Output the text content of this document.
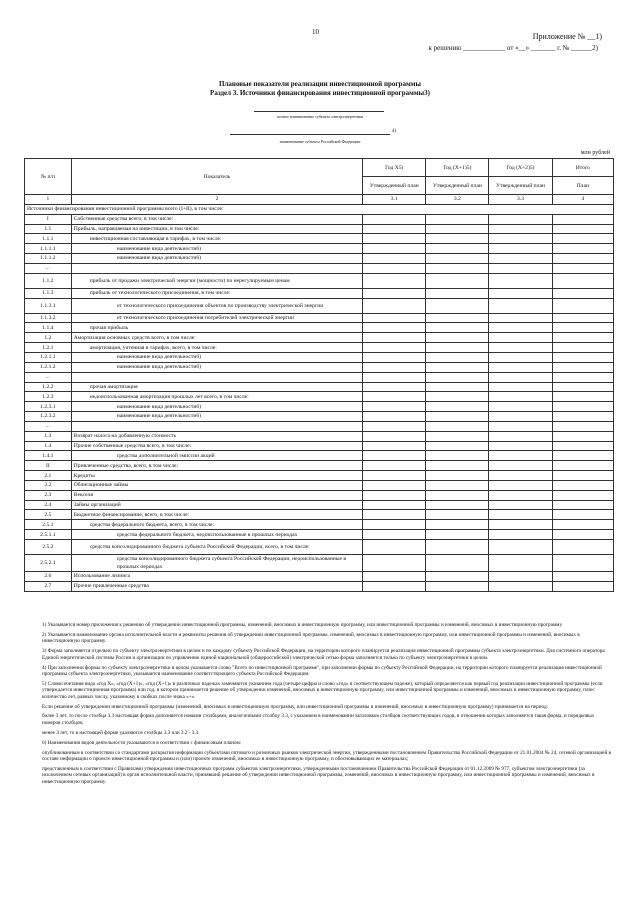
10	Приложение № __1)
к решению ____________ от «__» _______ г. № ______2)
Плановые показатели реализации инвестиционной программы
Раздел 3. Источники финансирования инвестиционной программы3)
полное наименование субъекта электроэнергетики
4)
наименование субъекта Российской Федерации
млн рублей
№ п/п	Показатель	Год X5)	Год (X+1)5)	Год (X+2)5)	Итого
		Утвержденный план	Утвержденный план	Утвержденный план	План
1	2	3.1	3.2	3.3	4
Источники финансирования инвестиционной программы всего (I+II), в том числе:					
I	Собственные средства всего, в том числе:				
1.1	Прибыль, направляемая на инвестиции, в том числе:				
1.1.1	инвестиционная составляющая в тарифах, в том числе:				
1.1.1.1	наименование вида деятельности6)				
1.1.1.2	наименование вида деятельности6)				
...					
1.1.2	прибыль от продажи электрической энергии (мощности) по нерегулируемым ценам				
1.1.3	прибыль от технологического присоединения, в том числе:				
1.1.3.1	от технологического присоединения объектов по производству электрической энергии				
1.1.3.2	от технологического присоединения потребителей электрической энергии				
1.1.4	прочая прибыль				
1.2	Амортизация основных средств всего, в том числе:				
1.2.1	амортизация, учтенная в тарифах, всего, в том числе:				
1.2.1.1	наименование вида деятельности6)				
1.2.1.2	наименование вида деятельности6)				
...					
1.2.2	прочая амортизация				
1.2.3	недоиспользованная амортизация прошлых лет всего, в том числе:				
1.2.3.1	наименование вида деятельности6)				
1.2.3.2	наименование вида деятельности6)				
...					
1.3	Возврат налога на добавленную стоимость				
1.4	Прочие собственные средства всего, в том числе:				
1.4.1	средства дополнительной эмиссии акций				
II	Привлеченные средства, всего, в том числе:				
2.1	Кредиты				
2.2	Облигационные займы				
2.3	Векселя				
2.4	Займы организаций				
2.5	Бюджетное финансирование, всего, в том числе:				
2.5.1	средства федерального бюджета, всего, в том числе:				
2.5.1.1	средства федерального бюджета, недоиспользованные в прошлых периодах				
2.5.2	средства консолидированного бюджета субъекта Российской Федерации, всего, в том числе:				
2.5.2.1	средства консолидированного бюджета субъекта Российской Федерации, недоиспользованные в прошлых периодах				
2.6	Использование лизинга				
2.7	Прочие привлеченные средства				

1) Указывается номер приложения к решению об утверждении инвестиционной программы, изменений, вносимых в инвестиционную программу, или инвестиционной программы и изменений, вносимых в инвестиционную программу.

2) Указывается наименование органа исполнительной власти и реквизиты решения об утверждении инвестиционной программы, изменений, вносимых в инвестиционную программу, или инвестиционной программы и изменений, вносимых в инвестиционную программу.

3) Форма заполняется отдельно по субъекту электроэнергетики в целом и по каждому субъекту Российской Федерации, на территории которого планируется реализация инвестиционной программы субъекта электроэнергетики. Для системного оператора Единой энергетической системы России и организации по управлению единой национальной (общероссийской) электрической сетью форма заполняется только по субъекту электроэнергетики в целом.

4) При заполнении формы по субъекту электроэнергетики в целом указывается слово "Всего по инвестиционной программе", при заполнении формы по субъекту Российской Федерации, на территории которого планируется реализация инвестиционной программы субъекта электроэнергетики, указывается наименование соответствующего субъекта Российской Федерации.

5) Словосочетания вида «год X», «год (X+1)», «год (X+1)» в различных падежах заменяются указанием года (четыре цифры и слово «год» в соответствующем падеже), который определяется как первый год реализации инвестиционной программы (если утверждается инвестиционная программа) или год, в котором принимается решение об утверждении изменений, вносимых в инвестиционную программу, или инвестиционной программы и изменений, вносимых в инвестиционную программу, плюс количество лет, равных числу, указанному в скобках после знака «+».

Если решение об утверждении инвестиционной программы (изменений, вносимых в инвестиционную программу, или инвестиционной программы и изменений, вносимых в инвестиционную программу) принимается на период:

более 3 лет, то после столбца 3.3 настоящая форма дополняется новыми столбцами, аналогичными столбцу 3.3, с указанием в наименовании заголовков столбцов соответствующих годов, в отношении которых заполняется такая форма, и порядковых номеров столбцов;

менее 3 лет, то в настоящей форме удаляются столбцы 3.3 или 3.2 - 3.3.

6) Наименования видов деятельности указываются в соответствии с финансовым планом:

опубликованным в соответствии со стандартами раскрытия информации субъектами оптового и розничных рынков электрической энергии, утвержденными постановлением Правительства Российской Федерации от 21.01.2004 № 24, сетевой организацией в составе информации о проекте инвестиционной программы и (или) проекте изменений, вносимых в инвестиционную программу, и обосновывающих ее материалах;

представленным в соответствии с Правилами утверждения инвестиционных программ субъектов электроэнергетики, утвержденными постановлением Правительства Российской Федерации от 01.12.2009 № 977, субъектом электроэнергетики (за исключением сетевых организаций) в орган исполнительной власти, принявший решение об утверждении инвестиционной программы, изменений, вносимых в инвестиционную программу, или инвестиционной программы и изменений, вносимых в инвестиционную программу.
